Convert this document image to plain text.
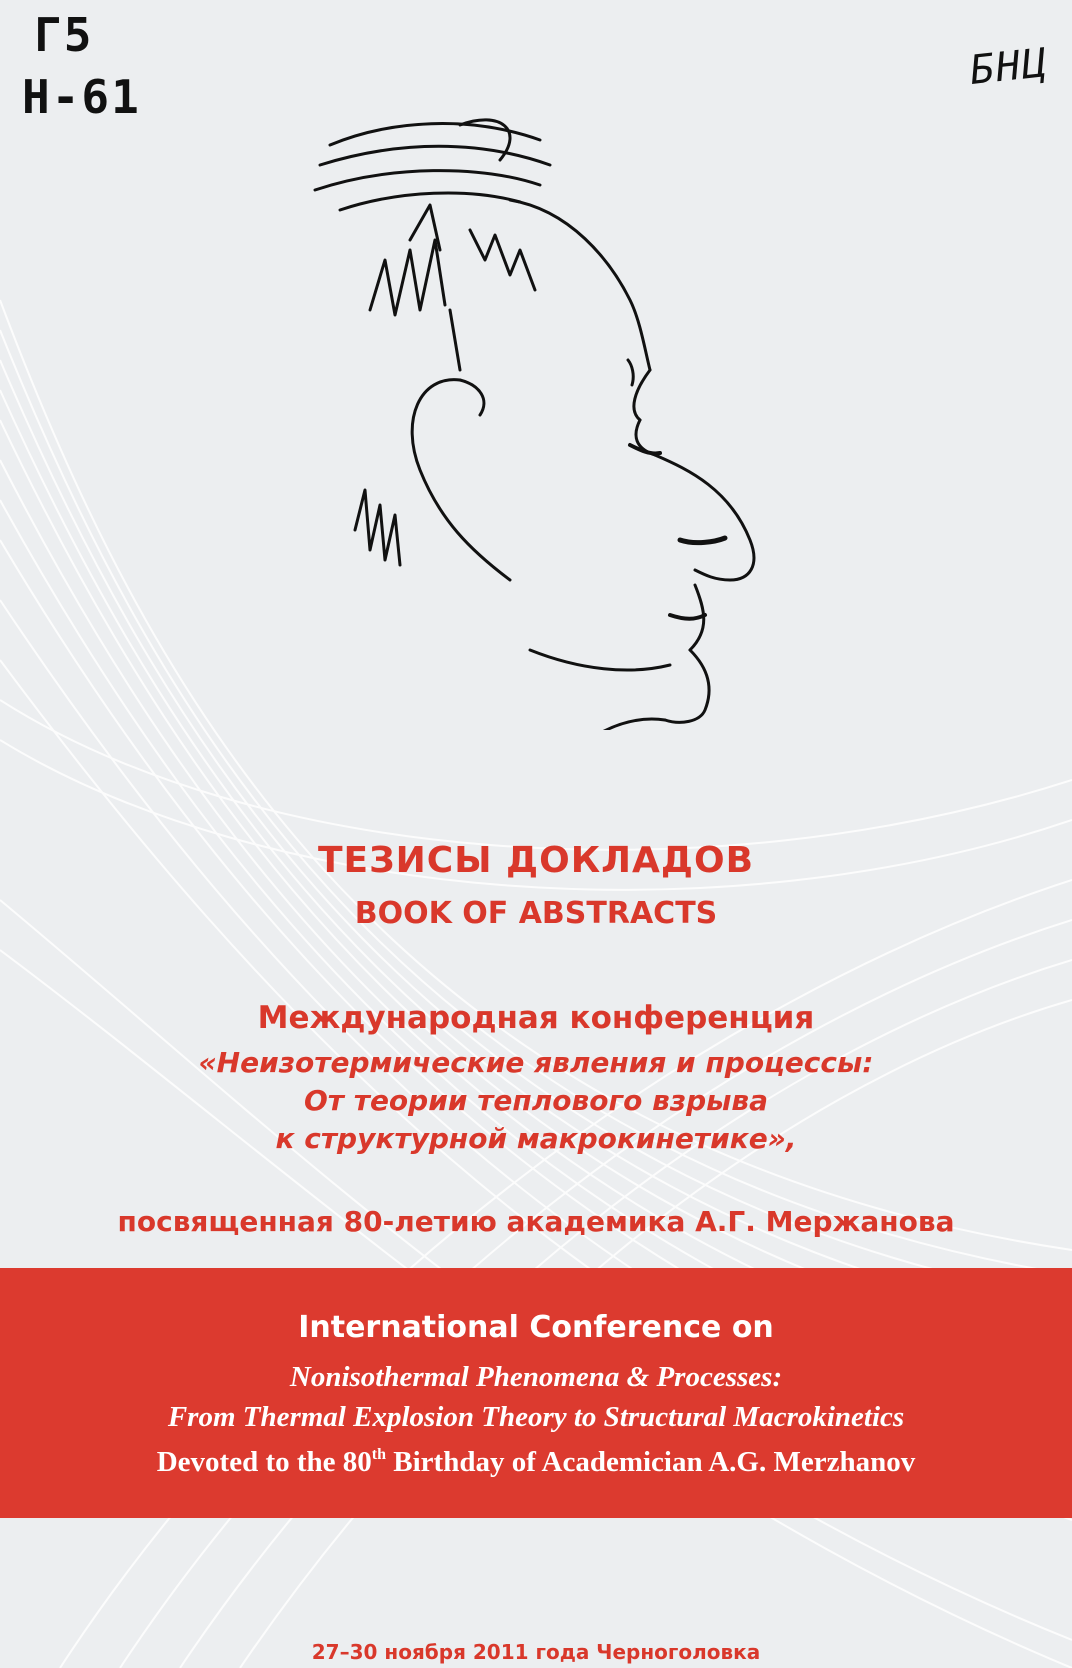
Г5
Н-61
БНЦ
ТЕЗИСЫ ДОКЛАДОВ
BOOK OF ABSTRACTS
Международная конференция
«Неизотермические явления и процессы:
От теории теплового взрыва
к структурной макрокинетике»,
посвященная 80-летию академика А.Г. Мержанова
International Conference on
Nonisothermal Phenomena & Processes:
From Thermal Explosion Theory to Structural Macrokinetics
Devoted to the 80th Birthday of Academician A.G. Merzhanov
27–30 ноября 2011 года Черноголовка
